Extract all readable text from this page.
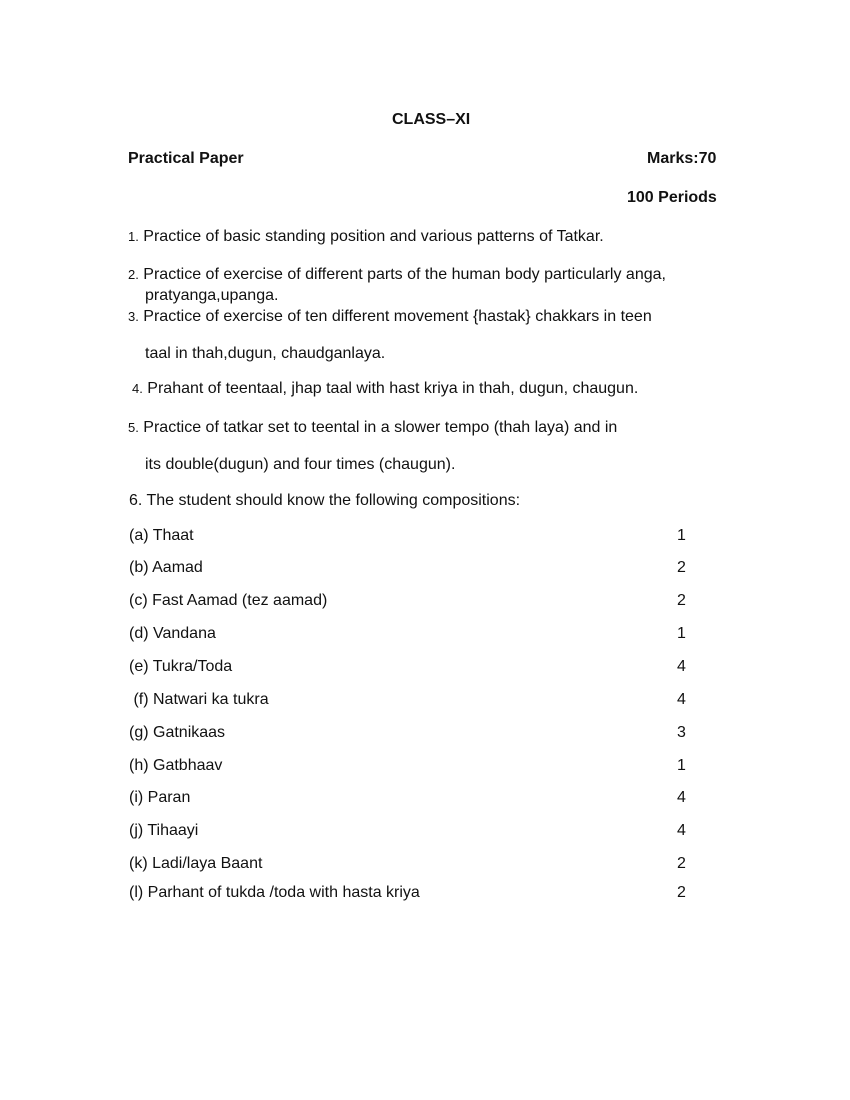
CLASS–XI
Practical Paper	Marks:70
100 Periods
1. Practice of basic standing position and various patterns of Tatkar.
2. Practice of exercise of different parts of the human body particularly anga,
pratyanga,upanga.
3. Practice of exercise of ten different movement {hastak} chakkars in teen
taal in thah,dugun, chaudganlaya.
4. Prahant of teentaal, jhap taal with hast kriya in thah, dugun, chaugun.
5. Practice of tatkar set to teental in a slower tempo (thah laya) and in
its double(dugun) and four times (chaugun).
6. The student should know the following compositions:
(a) Thaat	1
(b) Aamad	2
(c) Fast Aamad (tez aamad)	2
(d) Vandana	1
(e) Tukra/Toda	4
(f) Natwari ka tukra	4
(g) Gatnikaas	3
(h) Gatbhaav	1
(i) Paran	4
(j) Tihaayi	4
(k) Ladi/laya Baant	2
(l) Parhant of tukda /toda with hasta kriya	2
